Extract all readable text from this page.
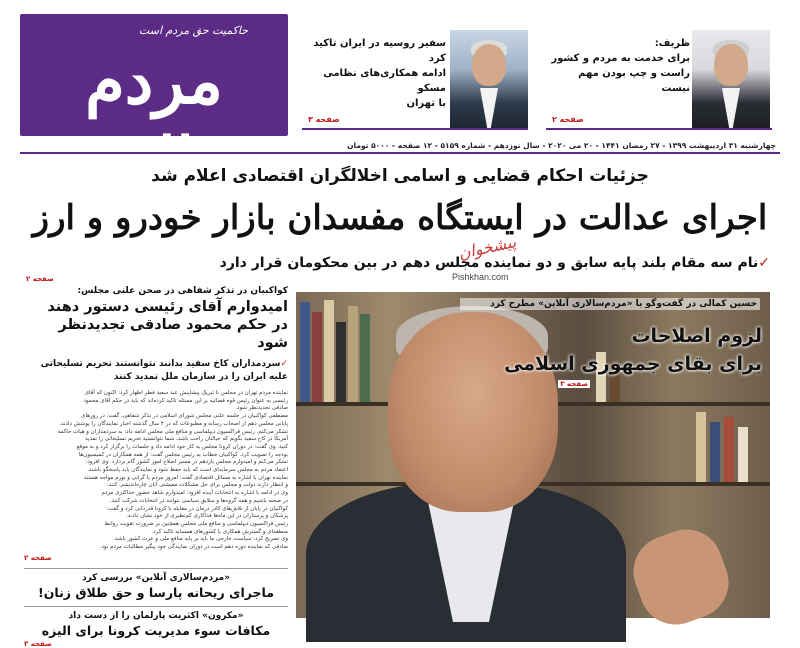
حاکمیت حق مردم است
مردم سالاری
سفیر روسیه در ایران تاکید کرد
ادامه همکاری‌های نظامی مسکو
با تهران
صفحه ۳
ظریف:
برای خدمت به مردم و کشور
راست و چپ بودن مهم نیست
صفحه ۲
چهارشنبه ۳۱ اردیبهشت ۱۳۹۹ - ۲۷ رمضان ۱۴۴۱ - ۲۰ می ۲۰۲۰ - سال نوزدهم - شماره ۵۱۵۹ - ۱۲ صفحه - ۵۰۰۰ تومان
جزئیات احکام قضایی و اسامی اخلالگران اقتصادی اعلام شد
اجرای عدالت در ایستگاه مفسدان بازار خودرو و ارز
✓نام سه مقام بلند پایه سابق و دو نماینده مجلس دهم در بین محکومان قرار دارد
پیشخوان
Pishkhan.com
صفحه ۲
کواکبیان در تذکر شفاهی در صحن علنی مجلس:
امیدوارم آقای رئیسی دستور دهند
در حکم محمود صادقی تجدیدنظر شود
✓سردمداران کاخ سفید بدانند نتوانستند تحریم تسلیحاتی علیه ایران را در سازمان ملل تمدید کنند
نماینده مردم تهران در مجلس با تبریک پیشاپیش عید سعید فطر اظهار کرد: اکنون که آقای
رئیسی به عنوان رئیس قوه قضائیه بر این مسئله تاکید کرده‌اند که باید در حکم آقای محمود
صادقی تجدیدنظر شود.
مصطفی کواکبیان در جلسه علنی مجلس شورای اسلامی در تذکر شفاهی، گفت: در روزهای
پایانی مجلس دهم از اصحاب رسانه و مطبوعات که در ۴ سال گذشته اخبار نمایندگان را پوشش دادند،
تشکر می‌کنم. رئیس فراکسیون دیپلماسی و منافع ملی مجلس ادامه داد: به سردمداران و هیات حاکمه
آمریکا در کاخ سفید بگویم که خیالتان راحت باشد، شما نتوانستید تحریم تسلیحاتی را تمدید
کنید. وی گفت: در دوران کرونا مجلس به کار خود ادامه داد و جلسات را برگزار کرد و به موقع
بودجه را تصویب کرد. کواکبیان خطاب به رئیس مجلس گفت: از همه همکاران در کمیسیون‌ها
تشکر می‌کنم و امیدوارم مجلس یازدهم در مسیر اصلاح امور کشور گام بردارد. وی افزود:
اعتماد مردم به مجلس سرمایه‌ای است که باید حفظ شود و نمایندگان باید پاسخگو باشند.
نماینده تهران با اشاره به مسائل اقتصادی گفت: امروز مردم با گرانی و تورم مواجه هستند
و انتظار دارند دولت و مجلس برای حل مشکلات معیشتی آنان چاره‌اندیشی کنند.
وی در ادامه با اشاره به انتخابات آینده افزود: امیدوارم شاهد حضور حداکثری مردم
در صحنه باشیم و همه گروه‌ها و سلایق سیاسی بتوانند در انتخابات شرکت کنند.
کواکبیان در پایان از تلاش‌های کادر درمان در مقابله با کرونا قدردانی کرد و گفت:
پزشکان و پرستاران در این ماه‌ها فداکاری کم‌نظیری از خود نشان دادند.
رئیس فراکسیون دیپلماسی و منافع ملی مجلس همچنین بر ضرورت تقویت روابط
منطقه‌ای و گسترش همکاری با کشورهای همسایه تاکید کرد.
وی تصریح کرد: سیاست خارجی ما باید بر پایه منافع ملی و عزت کشور باشد.
صادقی که نماینده دوره دهم است در دوران نمایندگی خود پیگیر مطالبات مردم بود.
صفحه ۲
«مردم‌سالاری آنلاین» بررسی کرد
ماجرای ریحانه پارسا و حق طلاق زنان!
«مکرون» اکثریت پارلمان را از دست داد
مکافات سوء مدیریت کرونا برای الیزه
صفحه ۳
حسین کمالی در گفت‌وگو با «مردم‌سالاری آنلاین» مطرح کرد
لزوم اصلاحات
برای بقای جمهوری اسلامی
صفحه ۳
